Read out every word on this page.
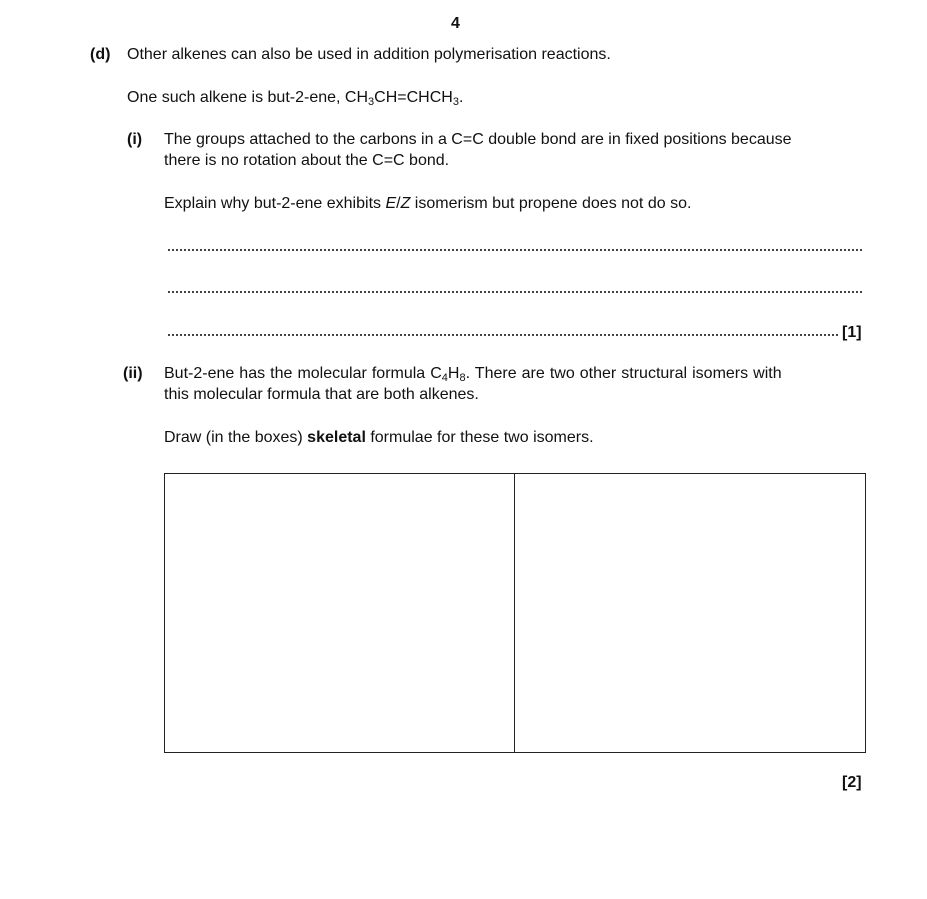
4
(d) Other alkenes can also be used in addition polymerisation reactions.
One such alkene is but-2-ene, $CH_3CH=CHCH_3$.
(i) The groups attached to the carbons in a C=C double bond are in fixed positions because
there is no rotation about the C=C bond.
Explain why but-2-ene exhibits E/Z isomerism but propene does not do so.
[1]
(ii) But-2-ene has the molecular formula $C_4H_8$. There are two other structural isomers with
this molecular formula that are both alkenes.
Draw (in the boxes) skeletal formulae for these two isomers.
[2]
